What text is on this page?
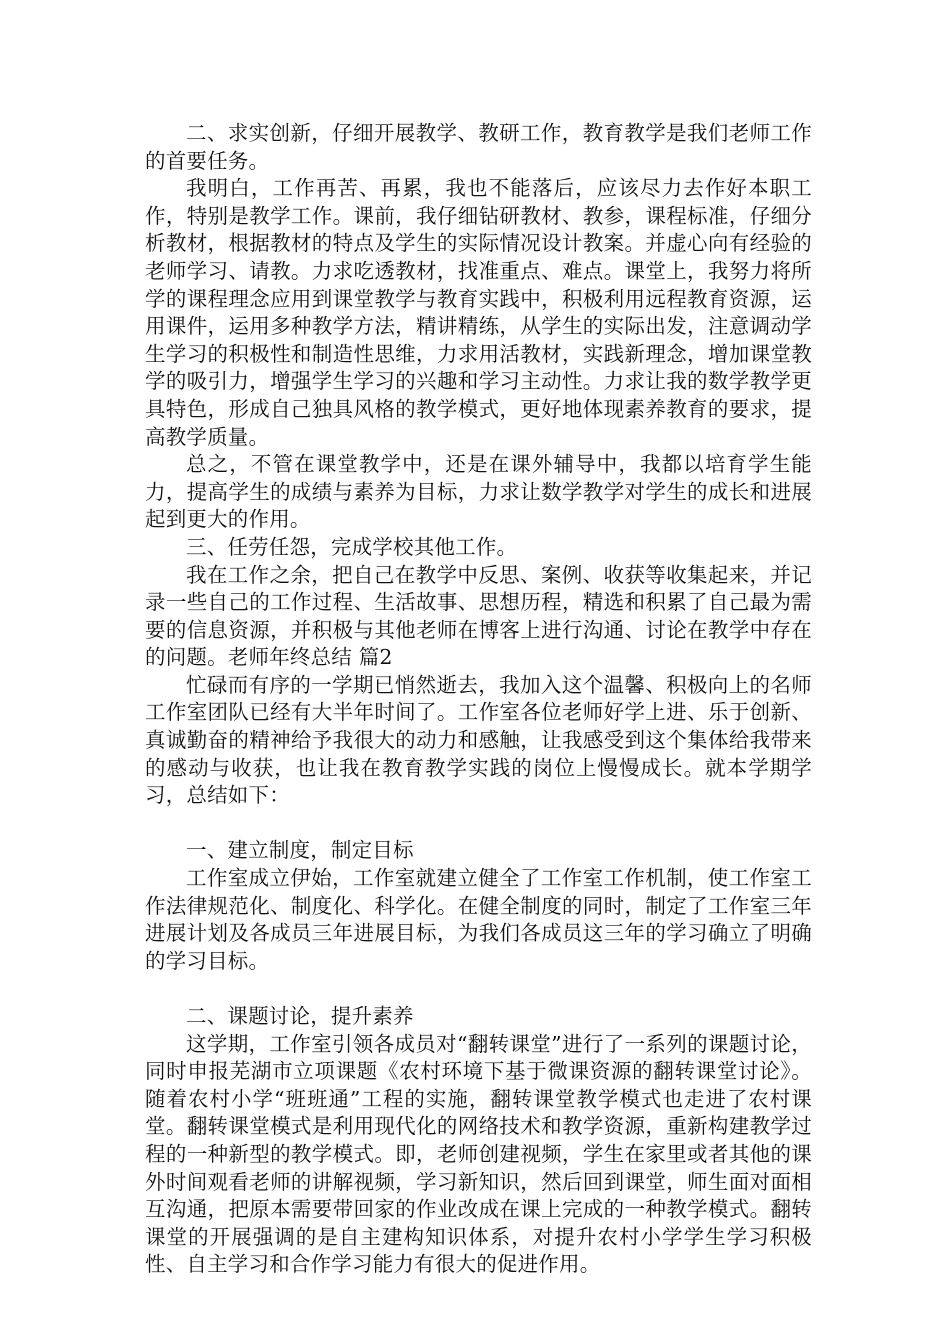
二、求实创新，仔细开展教学、教研工作，教育教学是我们老师工作的首要任务。

我明白，工作再苦、再累，我也不能落后，应该尽力去作好本职工作，特别是教学工作。课前，我仔细钻研教材、教参，课程标准，仔细分析教材，根据教材的特点及学生的实际情况设计教案。并虚心向有经验的老师学习、请教。力求吃透教材，找准重点、难点。课堂上，我努力将所学的课程理念应用到课堂教学与教育实践中，积极利用远程教育资源，运用课件，运用多种教学方法，精讲精练，从学生的实际出发，注意调动学生学习的积极性和制造性思维，力求用活教材，实践新理念，增加课堂教学的吸引力，增强学生学习的兴趣和学习主动性。力求让我的数学教学更具特色，形成自己独具风格的教学模式，更好地体现素养教育的要求，提高教学质量。

总之，不管在课堂教学中，还是在课外辅导中，我都以培育学生能力，提高学生的成绩与素养为目标，力求让数学教学对学生的成长和进展起到更大的作用。

三、任劳任怨，完成学校其他工作。

我在工作之余，把自己在教学中反思、案例、收获等收集起来，并记录一些自己的工作过程、生活故事、思想历程，精选和积累了自己最为需要的信息资源，并积极与其他老师在博客上进行沟通、讨论在教学中存在的问题。老师年终总结 篇2

忙碌而有序的一学期已悄然逝去，我加入这个温馨、积极向上的名师工作室团队已经有大半年时间了。工作室各位老师好学上进、乐于创新、真诚勤奋的精神给予我很大的动力和感触，让我感受到这个集体给我带来的感动与收获，也让我在教育教学实践的岗位上慢慢成长。就本学期学习，总结如下：

一、建立制度，制定目标

工作室成立伊始，工作室就建立健全了工作室工作机制，使工作室工作法律规范化、制度化、科学化。在健全制度的同时，制定了工作室三年进展计划及各成员三年进展目标，为我们各成员这三年的学习确立了明确的学习目标。

二、课题讨论，提升素养

这学期，工作室引领各成员对“翻转课堂”进行了一系列的课题讨论，同时申报芜湖市立项课题《农村环境下基于微课资源的翻转课堂讨论》。随着农村小学“班班通”工程的实施，翻转课堂教学模式也走进了农村课堂。翻转课堂模式是利用现代化的网络技术和教学资源，重新构建教学过程的一种新型的教学模式。即，老师创建视频，学生在家里或者其他的课外时间观看老师的讲解视频，学习新知识，然后回到课堂，师生面对面相互沟通，把原本需要带回家的作业改成在课上完成的一种教学模式。翻转课堂的开展强调的是自主建构知识体系，对提升农村小学学生学习积极性、自主学习和合作学习能力有很大的促进作用。
